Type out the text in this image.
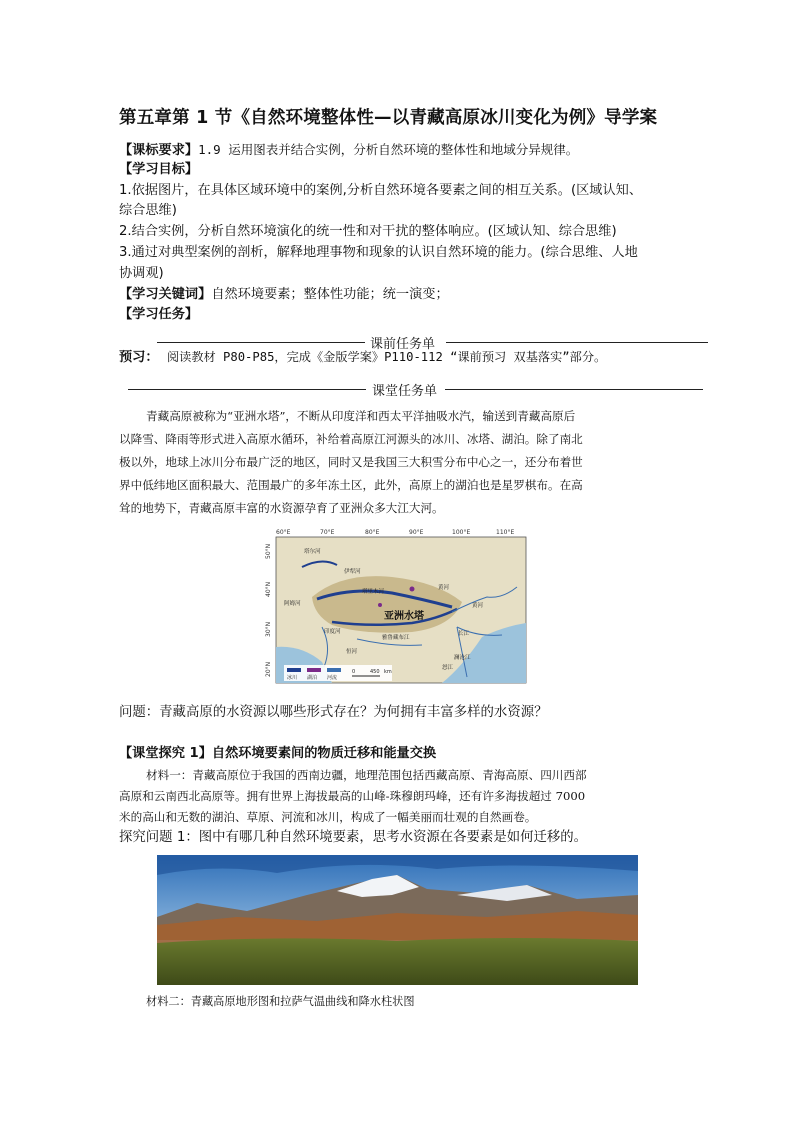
第五章第 1 节《自然环境整体性—以青藏高原冰川变化为例》导学案
【课标要求】1.9 运用图表并结合实例，分析自然环境的整体性和地域分异规律。
【学习目标】
1.依据图片，在具体区域环境中的案例,分析自然环境各要素之间的相互关系。(区域认知、
综合思维)
2.结合实例，分析自然环境演化的统一性和对干扰的整体响应。(区域认知、综合思维)
3.通过对典型案例的剖析，解释地理事物和现象的认识自然环境的能力。(综合思维、人地
协调观)
【学习关键词】自然环境要素；整体性功能；统一演变；
【学习任务】
课前任务单
预习： 阅读教材 P80-P85，完成《金版学案》P110-112 “课前预习 双基落实”部分。
课堂任务单
青藏高原被称为“亚洲水塔”，不断从印度洋和西太平洋抽吸水汽，输送到青藏高原后
以降雪、降雨等形式进入高原水循环，补给着高原江河源头的冰川、冰塔、湖泊。除了南北
极以外，地球上冰川分布最广泛的地区，同时又是我国三大积雪分布中心之一，还分布着世
界中低纬地区面积最大、范围最广的多年冻土区，此外，高原上的湖泊也是星罗棋布。在高
耸的地势下，青藏高原丰富的水资源孕育了亚洲众多大江大河。
60°E	70°E	80°E	90°E	100°E	110°E
50°N
40°N
30°N
20°N
塔尔河
伊犁河
塔里木河
阿姆河
黄河
长江
印度河
恒河
雅鲁藏布江
澜沧江
怒江
黄河
亚洲水塔
冰川 湖泊 河流
0	450 km
问题：青藏高原的水资源以哪些形式存在？为何拥有丰富多样的水资源？
【课堂探究 1】自然环境要素间的物质迁移和能量交换
材料一：青藏高原位于我国的西南边疆，地理范围包括西藏高原、青海高原、四川西部
高原和云南西北高原等。拥有世界上海拔最高的山峰-珠穆朗玛峰，还有许多海拔超过 7000
米的高山和无数的湖泊、草原、河流和冰川，构成了一幅美丽而壮观的自然画卷。
探究问题 1：图中有哪几种自然环境要素，思考水资源在各要素是如何迁移的。
材料二：青藏高原地形图和拉萨气温曲线和降水柱状图
